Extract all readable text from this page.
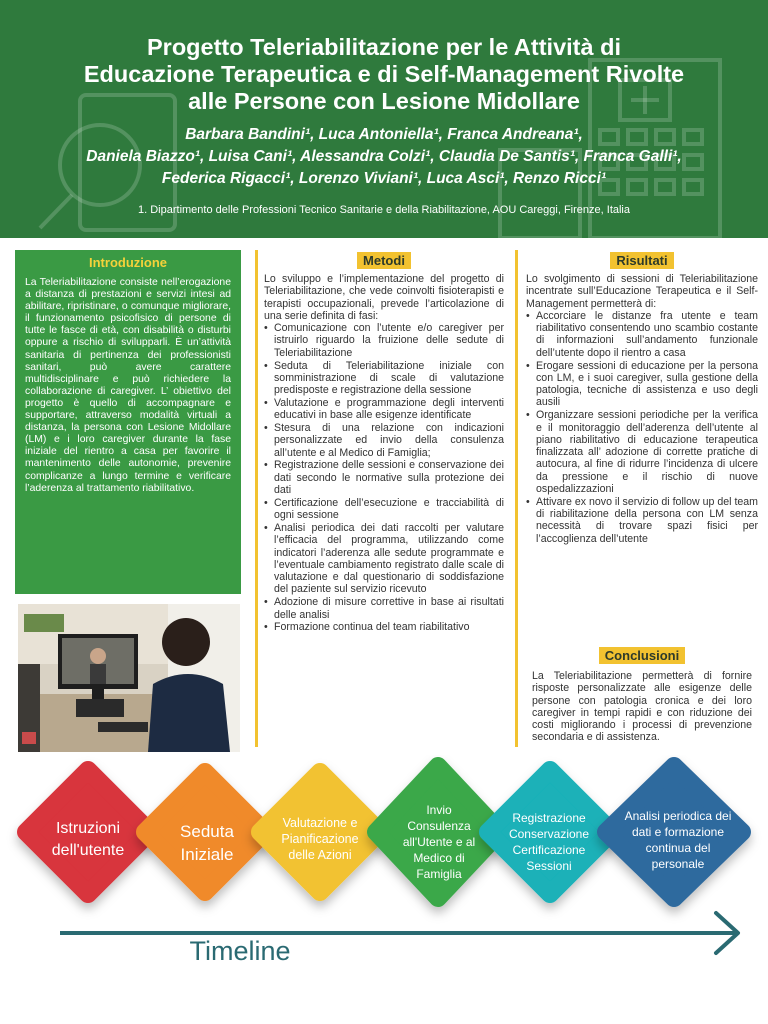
Progetto Teleriabilitazione per le Attività di
Educazione Terapeutica e di Self-Management Rivolte
alle Persone con Lesione Midollare
Barbara Bandini¹, Luca Antoniella¹, Franca Andreana¹,
Daniela Biazzo¹, Luisa Cani¹, Alessandra Colzi¹, Claudia De Santis¹, Franca Galli¹,
Federica Rigacci¹, Lorenzo Viviani¹, Luca Asci¹, Renzo Ricci¹
1. Dipartimento delle Professioni Tecnico Sanitarie e della Riabilitazione, AOU Careggi, Firenze, Italia
Introduzione

La Teleriabilitazione consiste nell’erogazione a distanza di prestazioni e servizi intesi ad abilitare, ripristinare, o comunque migliorare, il funzionamento psicofisico di persone di tutte le fasce di età, con disabilità o disturbi oppure a rischio di svilupparli. È un’attività sanitaria di pertinenza dei professionisti sanitari, può avere carattere multidisciplinare e può richiedere la collaborazione di caregiver. L’ obiettivo del progetto è quello di accompagnare e supportare, attraverso modalità virtuali a distanza, la persona con Lesione Midollare (LM) e i loro caregiver durante la fase iniziale del rientro a casa per favorire il mantenimento delle autonomie, prevenire complicanze a lungo termine e verificare l’aderenza al trattamento riabilitativo.

Metodi

Lo sviluppo e l’implementazione del progetto di Teleriabilitazione, che vede coinvolti fisioterapisti e terapisti occupazionali, prevede l’articolazione di una serie definita di fasi:

• Comunicazione con l’utente e/o caregiver per istruirlo riguardo la fruizione delle sedute di Teleriabilitazione
• Seduta di Teleriabilitazione iniziale con somministrazione di scale di valutazione predisposte e registrazione della sessione
• Valutazione e programmazione degli interventi educativi in base alle esigenze identificate
• Stesura di una relazione con indicazioni personalizzate ed invio della consulenza all’utente e al Medico di Famiglia;
• Registrazione delle sessioni e conservazione dei dati secondo le normative sulla protezione dei dati
• Certificazione dell’esecuzione e tracciabilità di ogni sessione
• Analisi periodica dei dati raccolti per valutare l’efficacia del programma, utilizzando come indicatori l’aderenza alle sedute programmate e l’eventuale cambiamento registrato dalle scale di valutazione e dal questionario di soddisfazione del paziente sul servizio ricevuto
• Adozione di misure correttive in base ai risultati delle analisi
• Formazione continua del team riabilitativo
Risultati

Lo svolgimento di sessioni di Teleriabilitazione incentrate sull’Educazione Terapeutica e il Self-Management permetterà di:

• Accorciare le distanze fra utente e team riabilitativo consentendo uno scambio costante di informazioni sull’andamento funzionale dell’utente dopo il rientro a casa
• Erogare sessioni di educazione per la persona con LM, e i suoi caregiver, sulla gestione della patologia, tecniche di assistenza e uso degli ausili
• Organizzare sessioni periodiche per la verifica e il monitoraggio dell’aderenza dell’utente al piano riabilitativo di educazione terapeutica finalizzata all’ adozione di corrette pratiche di autocura, al fine di ridurre l’incidenza di ulcere da pressione e il rischio di nuove ospedalizzazioni
• Attivare ex novo il servizio di follow up del team di riabilitazione della persona con LM senza necessità di trovare spazi fisici per l’accoglienza dell’utente
Conclusioni

La Teleriabilitazione permetterà di fornire risposte personalizzate alle esigenze delle persone con patologia cronica e dei loro caregiver in tempi rapidi e con riduzione dei costi migliorando i processi di prevenzione secondaria e di assistenza.

Istruzioni
dell'utente
Seduta
Iniziale
Valutazione e
Pianificazione
delle Azioni
Invio
Consulenza
all'Utente e al
Medico di
Famiglia
Registrazione
Conservazione
Certificazione
Sessioni
Analisi periodica dei
dati e formazione
continua del
personale
Timeline
